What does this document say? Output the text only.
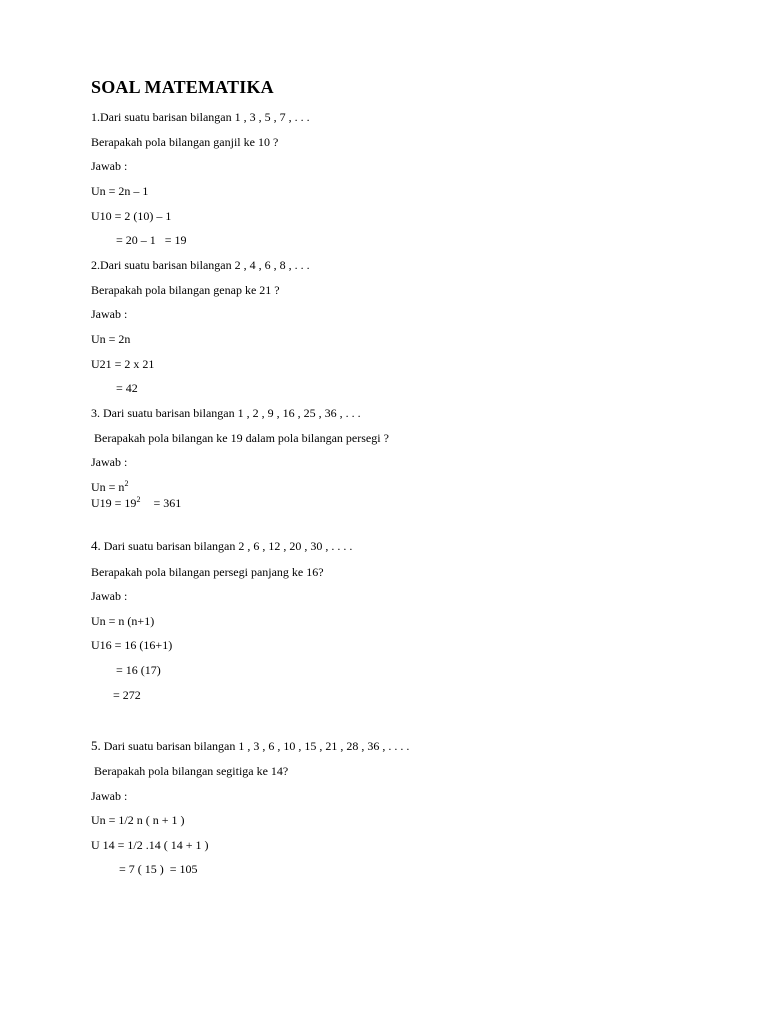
SOAL MATEMATIKA
1.Dari suatu barisan bilangan 1 , 3 , 5 , 7 , . . .
Berapakah pola bilangan ganjil ke 10 ?
Jawab :
Un = 2n – 1
U10 = 2 (10) – 1
= 20 – 1   = 19
2.Dari suatu barisan bilangan 2 , 4 , 6 , 8 , . . .
Berapakah pola bilangan genap ke 21 ?
Jawab :
Un = 2n
U21 = 2 x 21
= 42
3. Dari suatu barisan bilangan 1 , 2 , 9 , 16 , 25 , 36 , . . .
Berapakah pola bilangan ke 19 dalam pola bilangan persegi ?
Jawab :
$Un = n^2$
$U19 = 19^2 = 361$
4. Dari suatu barisan bilangan 2 , 6 , 12 , 20 , 30 , . . . .
Berapakah pola bilangan persegi panjang ke 16?
Jawab :
Un = n (n+1)
U16 = 16 (16+1)
= 16 (17)
= 272
5. Dari suatu barisan bilangan 1 , 3 , 6 , 10 , 15 , 21 , 28 , 36 , . . . .
Berapakah pola bilangan segitiga ke 14?
Jawab :
Un = 1/2 n ( n + 1 )
U 14 = 1/2 .14 ( 14 + 1 )
= 7 ( 15 )  = 105
